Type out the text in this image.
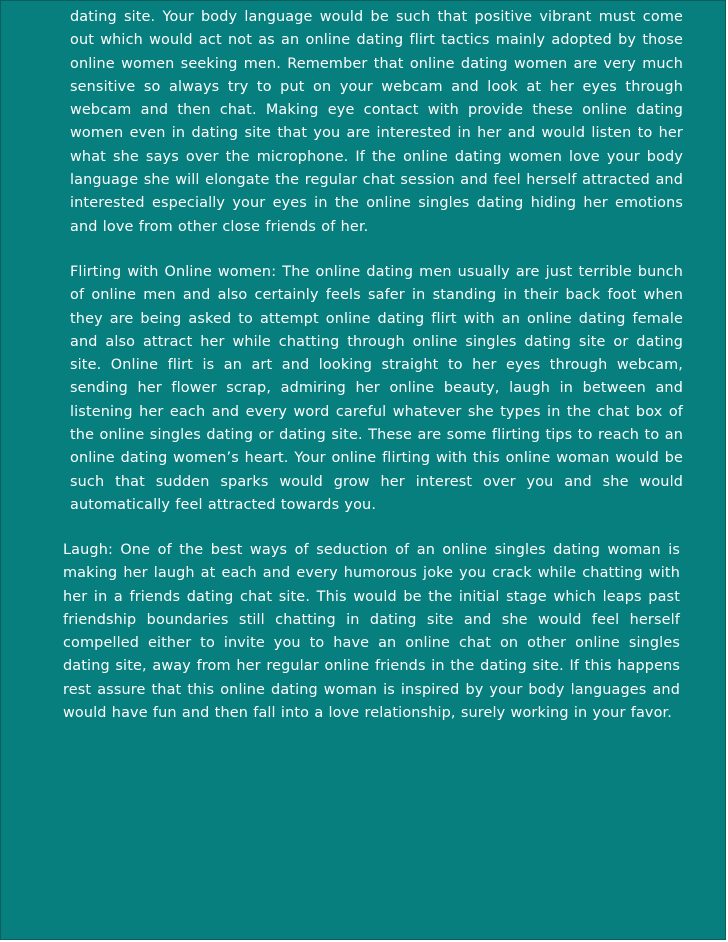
dating site. Your body language would be such that positive vibrant must come out which would act not as an online dating flirt tactics mainly adopted by those online women seeking men. Remember that online dating women are very much sensitive so always try to put on your webcam and look at her eyes through webcam and then chat. Making eye contact with provide these online dating women even in dating site that you are interested in her and would listen to her what she says over the microphone. If the online dating women love your body language she will elongate the regular chat session and feel herself attracted and interested especially your eyes in the online singles dating hiding her emotions and love from other close friends of her.

Flirting with Online women: The online dating men usually are just terrible bunch of online men and also certainly feels safer in standing in their back foot when they are being asked to attempt online dating flirt with an online dating female and also attract her while chatting through online singles dating site or dating site. Online flirt is an art and looking straight to her eyes through webcam, sending her flower scrap, admiring her online beauty, laugh in between and listening her each and every word careful whatever she types in the chat box of the online singles dating or dating site. These are some flirting tips to reach to an online dating women’s heart. Your online flirting with this online woman would be such that sudden sparks would grow her interest over you and she would automatically feel attracted towards you.

Laugh: One of the best ways of seduction of an online singles dating woman is making her laugh at each and every humorous joke you crack while chatting with her in a friends dating chat site. This would be the initial stage which leaps past friendship boundaries still chatting in dating site and she would feel herself compelled either to invite you to have an online chat on other online singles dating site, away from her regular online friends in the dating site. If this happens rest assure that this online dating woman is inspired by your body languages and would have fun and then fall into a love relationship, surely working in your favor.
